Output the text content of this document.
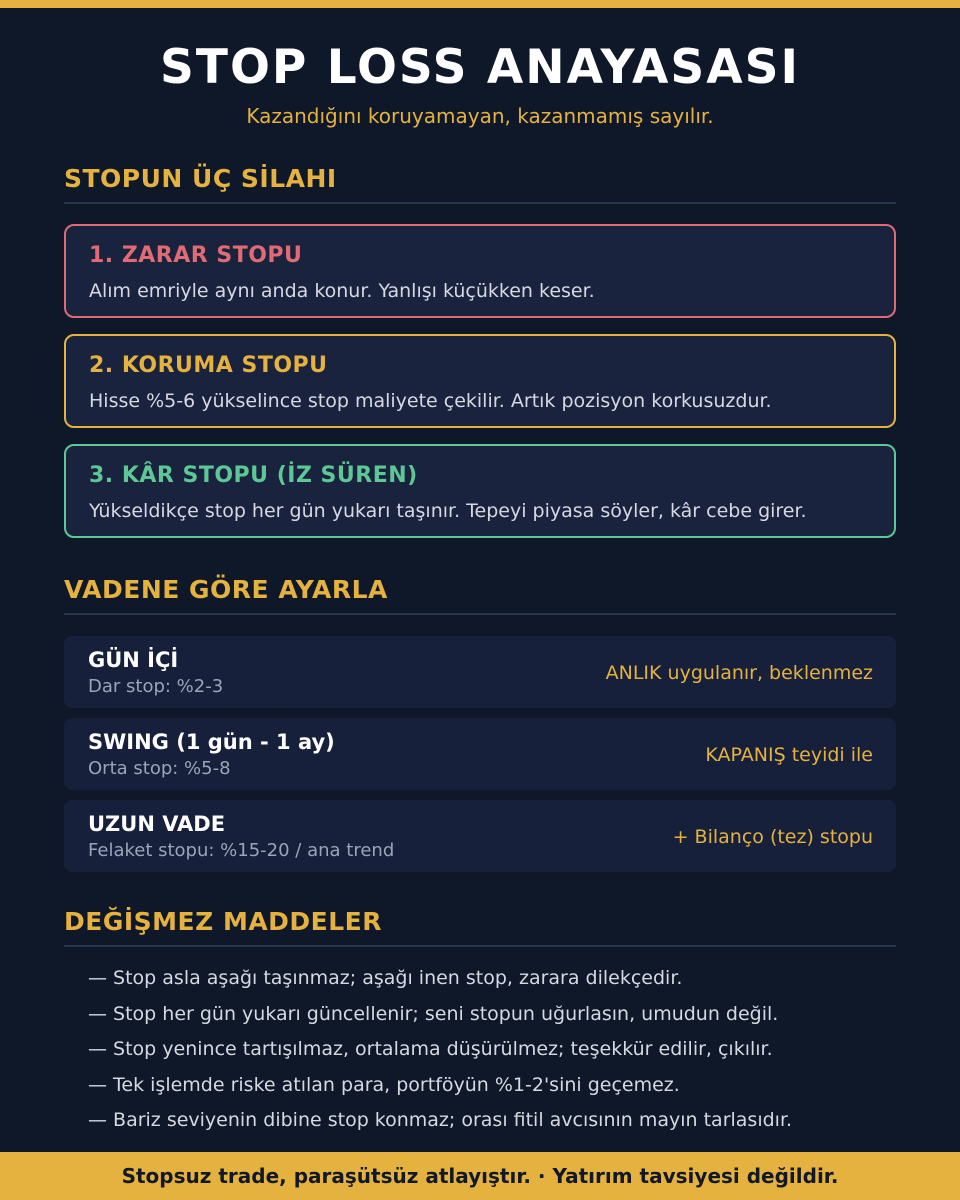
STOP LOSS ANAYASASI
Kazandığını koruyamayan, kazanmamış sayılır.
STOPUN ÜÇ SİLAHI
1. ZARAR STOPU
Alım emriyle aynı anda konur. Yanlışı küçükken keser.
2. KORUMA STOPU
Hisse %5-6 yükselince stop maliyete çekilir. Artık pozisyon korkusuzdur.
3. KÂR STOPU (İZ SÜREN)
Yükseldikçe stop her gün yukarı taşınır. Tepeyi piyasa söyler, kâr cebe girer.
VADENE GÖRE AYARLA
GÜN İÇİ
Dar stop: %2-3
ANLIK uygulanır, beklenmez
SWING (1 gün - 1 ay)
Orta stop: %5-8
KAPANIŞ teyidi ile
UZUN VADE
Felaket stopu: %15-20 / ana trend
+ Bilanço (tez) stopu
DEĞİŞMEZ MADDELER
— Stop asla aşağı taşınmaz; aşağı inen stop, zarara dilekçedir.
— Stop her gün yukarı güncellenir; seni stopun uğurlasın, umudun değil.
— Stop yenince tartışılmaz, ortalama düşürülmez; teşekkür edilir, çıkılır.
— Tek işlemde riske atılan para, portföyün %1-2'sini geçemez.
— Bariz seviyenin dibine stop konmaz; orası fitil avcısının mayın tarlasıdır.
Stopsuz trade, paraşütsüz atlayıştır. · Yatırım tavsiyesi değildir.
